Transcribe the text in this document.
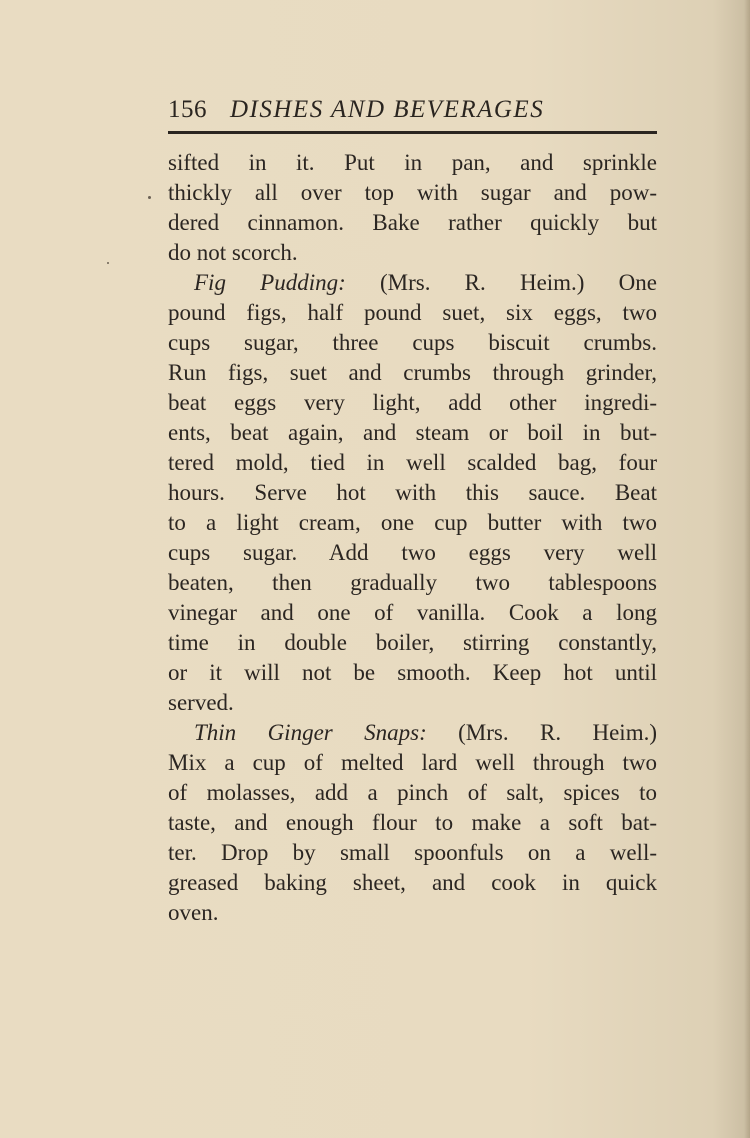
156 DISHES AND BEVERAGES
sifted in it. Put in pan, and sprinkle
thickly all over top with sugar and pow-
dered cinnamon. Bake rather quickly but
do not scorch.
Fig Pudding: (Mrs. R. Heim.) One
pound figs, half pound suet, six eggs, two
cups sugar, three cups biscuit crumbs.
Run figs, suet and crumbs through grinder,
beat eggs very light, add other ingredi-
ents, beat again, and steam or boil in but-
tered mold, tied in well scalded bag, four
hours. Serve hot with this sauce. Beat
to a light cream, one cup butter with two
cups sugar. Add two eggs very well
beaten, then gradually two tablespoons
vinegar and one of vanilla. Cook a long
time in double boiler, stirring constantly,
or it will not be smooth. Keep hot until
served.
Thin Ginger Snaps: (Mrs. R. Heim.)
Mix a cup of melted lard well through two
of molasses, add a pinch of salt, spices to
taste, and enough flour to make a soft bat-
ter. Drop by small spoonfuls on a well-
greased baking sheet, and cook in quick
oven.
